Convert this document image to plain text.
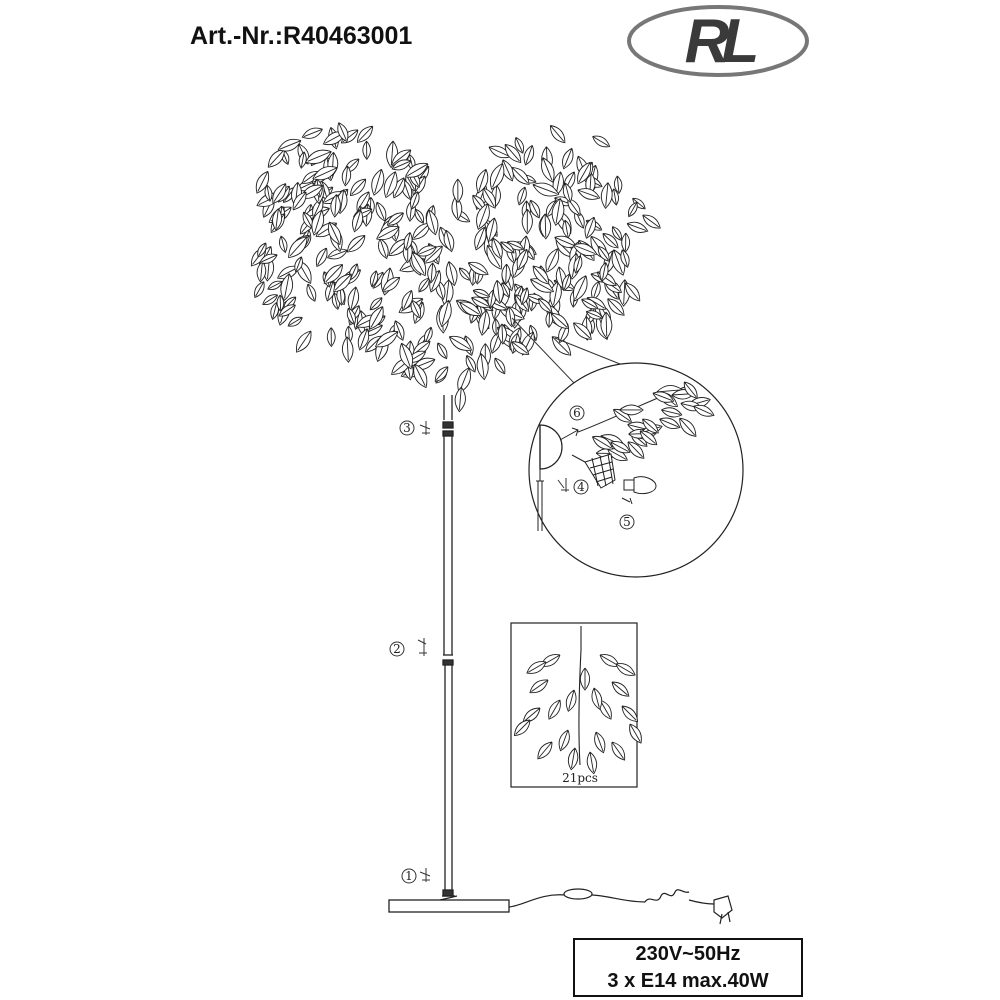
Art.-Nr.:R40463001	RL
3
2
1
6
4
5
21pcs
230V~50Hz
3 x E14 max.40W
